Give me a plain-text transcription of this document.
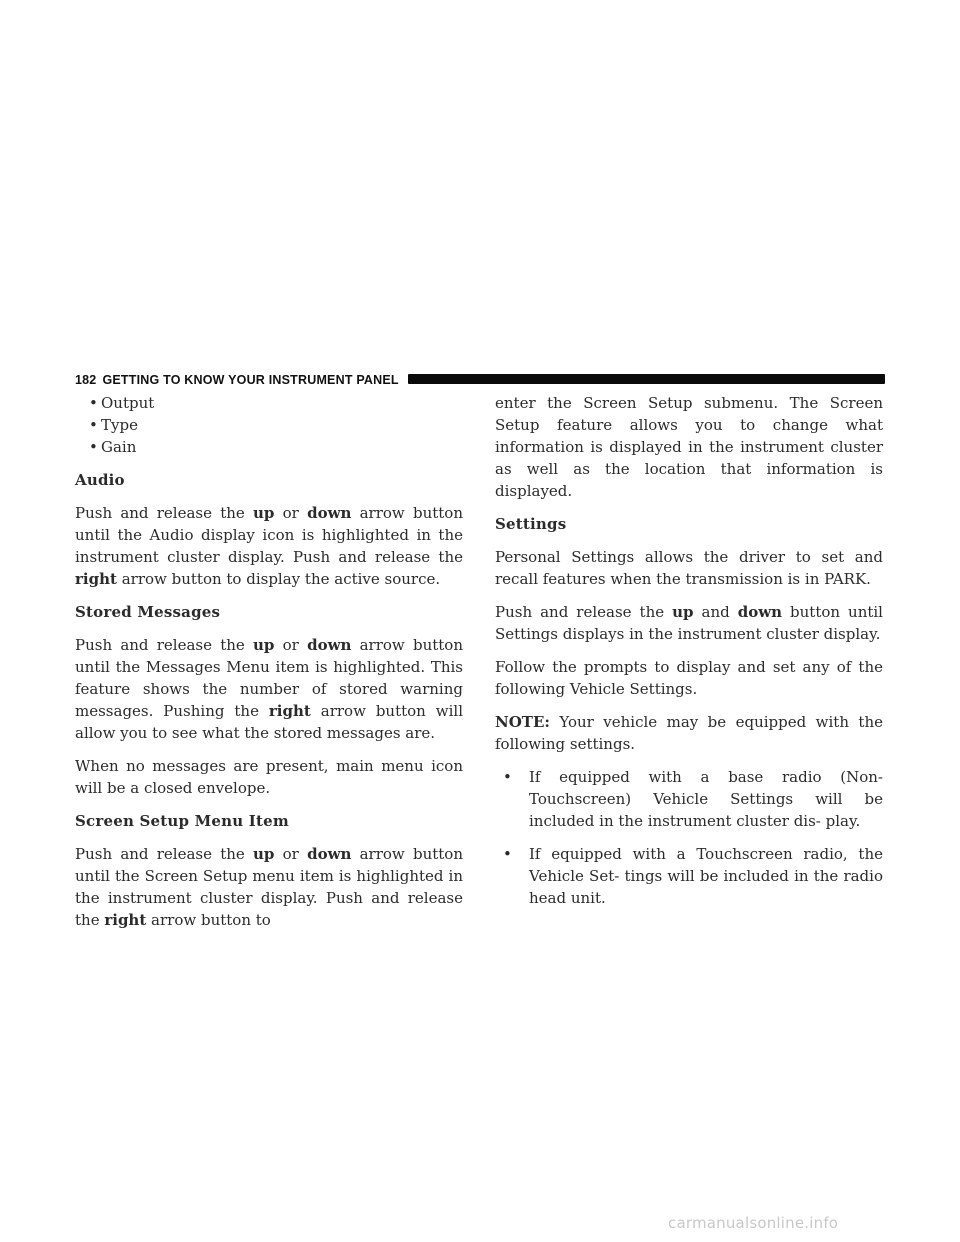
182 GETTING TO KNOW YOUR INSTRUMENT PANEL
• Output
• Type
• Gain
Audio

Push and release the up or down arrow button until the Audio display icon is highlighted in the instrument cluster display. Push and release the right arrow button to display the active source.

Stored Messages

Push and release the up or down arrow button until the Messages Menu item is highlighted. This feature shows the number of stored warning messages. Pushing the right arrow button will allow you to see what the stored messages are.

When no messages are present, main menu icon will be a closed envelope.

Screen Setup Menu Item

Push and release the up or down arrow button until the Screen Setup menu item is highlighted in the instrument cluster display. Push and release the right arrow button to

enter the Screen Setup submenu. The Screen Setup feature allows you to change what information is displayed in the instrument cluster as well as the location that information is displayed.

Settings

Personal Settings allows the driver to set and recall features when the transmission is in PARK.

Push and release the up and down button until Settings displays in the instrument cluster display.

Follow the prompts to display and set any of the following Vehicle Settings.

NOTE: Your vehicle may be equipped with the following settings.

• If equipped with a base radio (Non-Touchscreen) Vehicle Settings will be included in the instrument cluster dis- play.
• If equipped with a Touchscreen radio, the Vehicle Set- tings will be included in the radio head unit.
carmanualsonline.info
